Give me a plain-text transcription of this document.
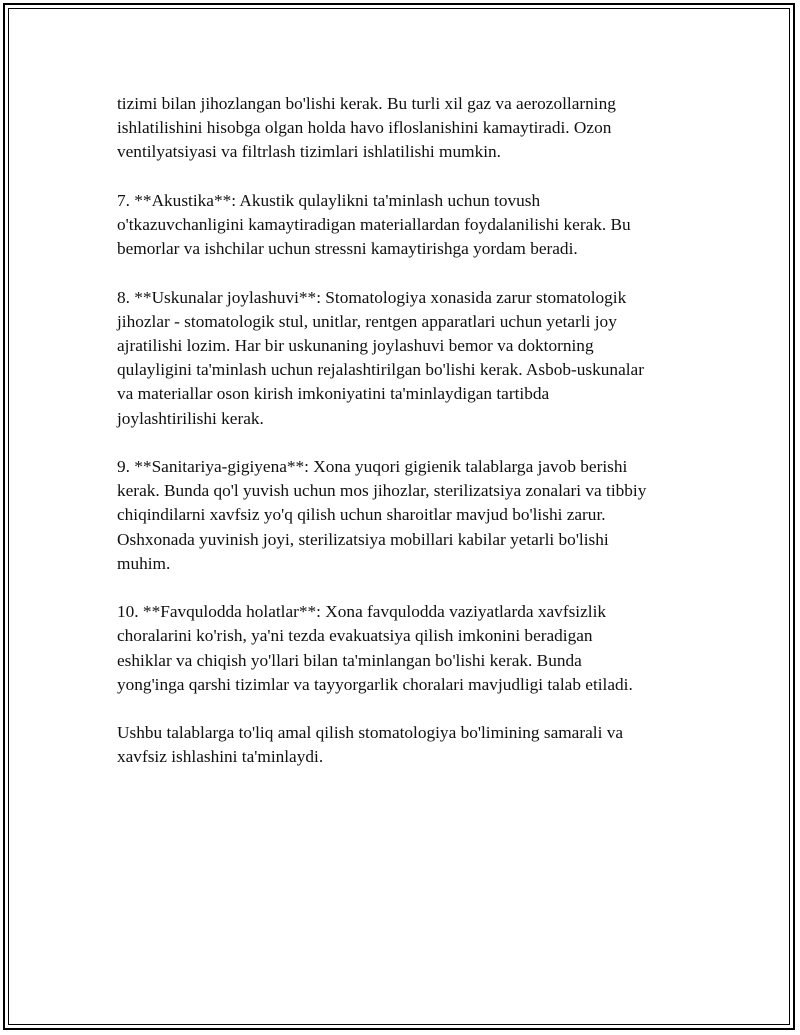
tizimi bilan jihozlangan bo'lishi kerak. Bu turli xil gaz va aerozollarning
ishlatilishini hisobga olgan holda havo ifloslanishini kamaytiradi. Ozon
ventilyatsiyasi va filtrlash tizimlari ishlatilishi mumkin.

7. **Akustika**: Akustik qulaylikni ta'minlash uchun tovush
o'tkazuvchanligini kamaytiradigan materiallardan foydalanilishi kerak. Bu
bemorlar va ishchilar uchun stressni kamaytirishga yordam beradi.

8. **Uskunalar joylashuvi**: Stomatologiya xonasida zarur stomatologik
jihozlar - stomatologik stul, unitlar, rentgen apparatlari uchun yetarli joy
ajratilishi lozim. Har bir uskunaning joylashuvi bemor va doktorning
qulayligini ta'minlash uchun rejalashtirilgan bo'lishi kerak. Asbob-uskunalar
va materiallar oson kirish imkoniyatini ta'minlaydigan tartibda
joylashtirilishi kerak.

9. **Sanitariya-gigiyena**: Xona yuqori gigienik talablarga javob berishi
kerak. Bunda qo'l yuvish uchun mos jihozlar, sterilizatsiya zonalari va tibbiy
chiqindilarni xavfsiz yo'q qilish uchun sharoitlar mavjud bo'lishi zarur.
Oshxonada yuvinish joyi, sterilizatsiya mobillari kabilar yetarli bo'lishi
muhim.

10. **Favqulodda holatlar**: Xona favqulodda vaziyatlarda xavfsizlik
choralarini ko'rish, ya'ni tezda evakuatsiya qilish imkonini beradigan
eshiklar va chiqish yo'llari bilan ta'minlangan bo'lishi kerak. Bunda
yong'inga qarshi tizimlar va tayyorgarlik choralari mavjudligi talab etiladi.

Ushbu talablarga to'liq amal qilish stomatologiya bo'limining samarali va
xavfsiz ishlashini ta'minlaydi.
